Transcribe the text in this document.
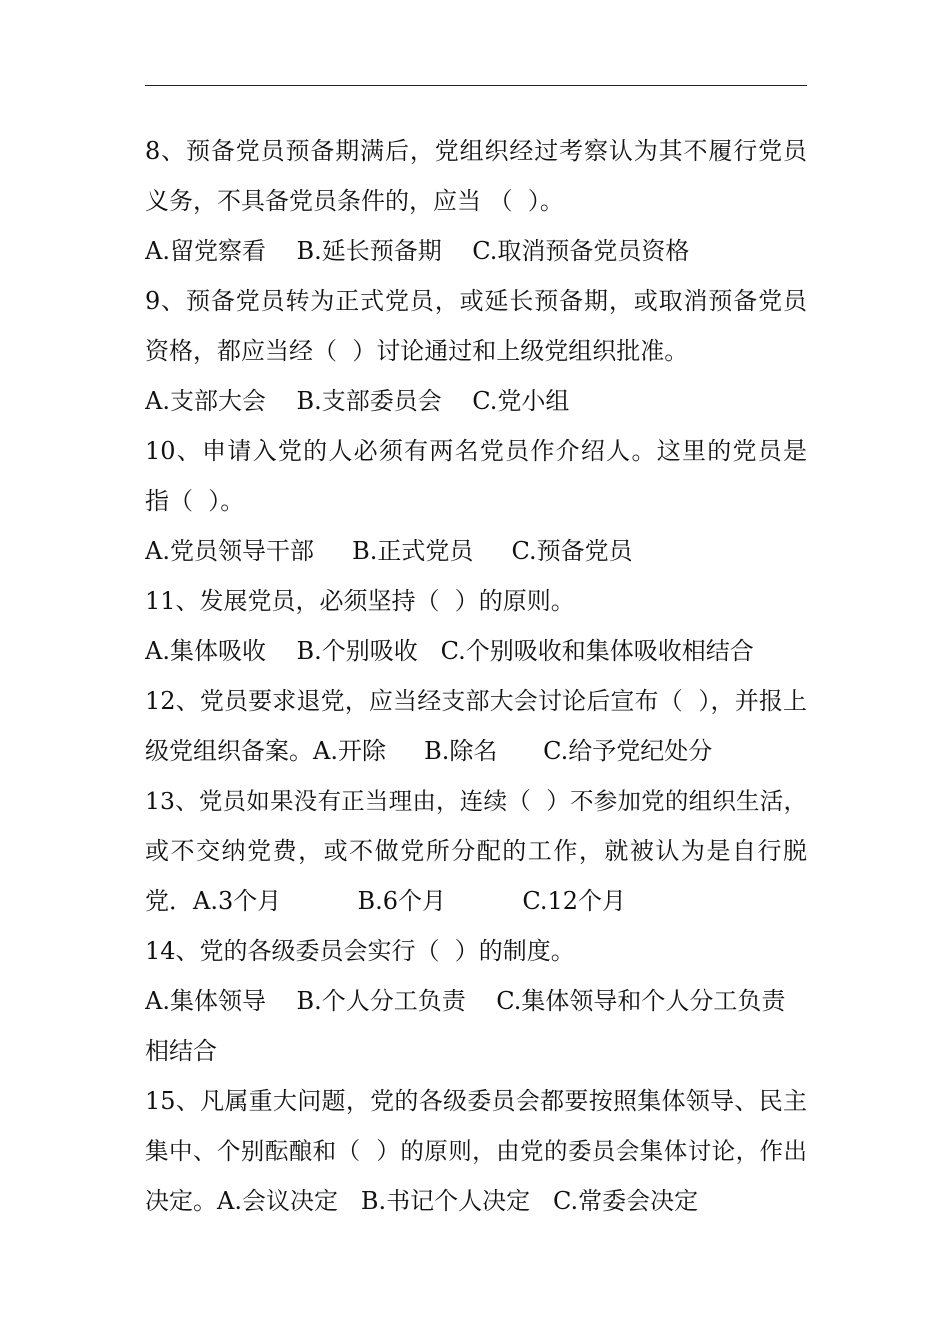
8、预备党员预备期满后，党组织经过考察认为其不履行党员
义务，不具备党员条件的，应当 （  ）。
A.留党察看    B.延长预备期    C.取消预备党员资格
9、预备党员转为正式党员，或延长预备期，或取消预备党员
资格，都应当经（  ）讨论通过和上级党组织批准。
A.支部大会    B.支部委员会    C.党小组
10、申请入党的人必须有两名党员作介绍人。这里的党员是
指（  ）。
A.党员领导干部     B.正式党员     C.预备党员
11、发展党员，必须坚持（  ）的原则。
A.集体吸收    B.个别吸收   C.个别吸收和集体吸收相结合
12、党员要求退党，应当经支部大会讨论后宣布（  ），并报上
级党组织备案。A.开除     B.除名      C.给予党纪处分
13、党员如果没有正当理由，连续（  ）不参加党的组织生活，
或不交纳党费，或不做党所分配的工作，就被认为是自行脱
党．A.3个月          B.6个月          C.12个月
14、党的各级委员会实行（  ）的制度。
A.集体领导    B.个人分工负责    C.集体领导和个人分工负责
相结合
15、凡属重大问题，党的各级委员会都要按照集体领导、民主
集中、个别酝酿和（  ）的原则，由党的委员会集体讨论，作出
决定。A.会议决定   B.书记个人决定   C.常委会决定
